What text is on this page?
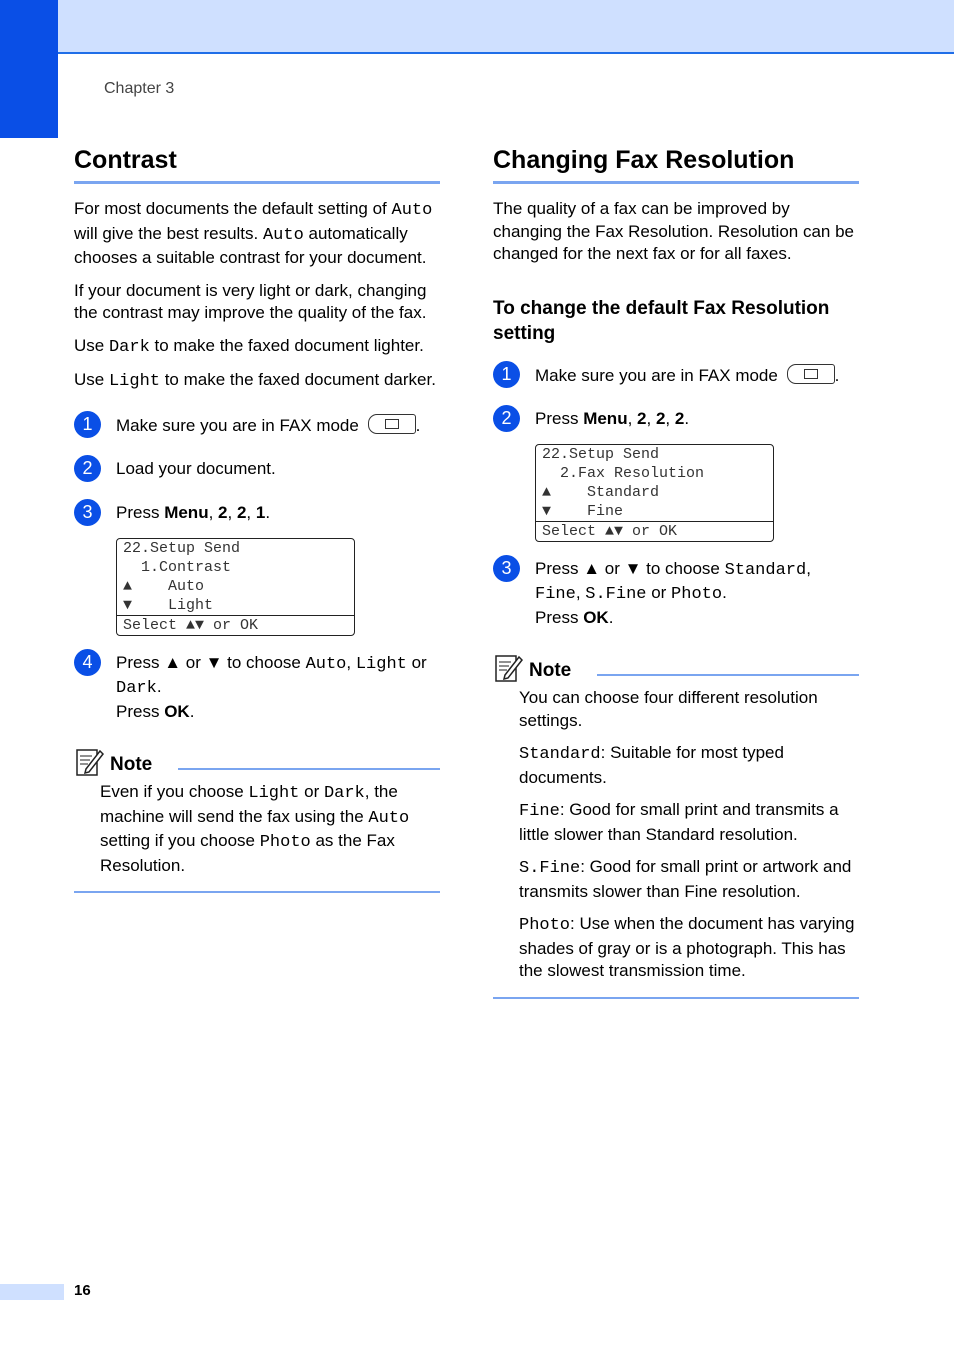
Chapter 3
Contrast

For most documents the default setting of Auto will give the best results. Auto automatically chooses a suitable contrast for your document.

If your document is very light or dark, changing the contrast may improve the quality of the fax.

Use Dark to make the faxed document lighter.

Use Light to make the faxed document darker.

1	Make sure you are in FAX mode	.
2	Load your document.
3	Press Menu, 2, 2, 1.
22.Setup Send
1.Contrast
▲    Auto
▼    Light
Select ▲▼ or OK
4	Press ▲ or ▼ to choose Auto, Light or Dark.
Press OK.
Note

Even if you choose Light or Dark, the machine will send the fax using the Auto setting if you choose Photo as the Fax Resolution.

Changing Fax Resolution

The quality of a fax can be improved by changing the Fax Resolution. Resolution can be changed for the next fax or for all faxes.

To change the default Fax Resolution setting
1	Make sure you are in FAX mode	.
2	Press Menu, 2, 2, 2.
22.Setup Send
2.Fax Resolution
▲    Standard
▼    Fine
Select ▲▼ or OK
3	Press ▲ or ▼ to choose Standard, Fine, S.Fine or Photo.
Press OK.
Note

You can choose four different resolution settings.

Standard: Suitable for most typed documents.

Fine: Good for small print and transmits a little slower than Standard resolution.

S.Fine: Good for small print or artwork and transmits slower than Fine resolution.

Photo: Use when the document has varying shades of gray or is a photograph. This has the slowest transmission time.

16
